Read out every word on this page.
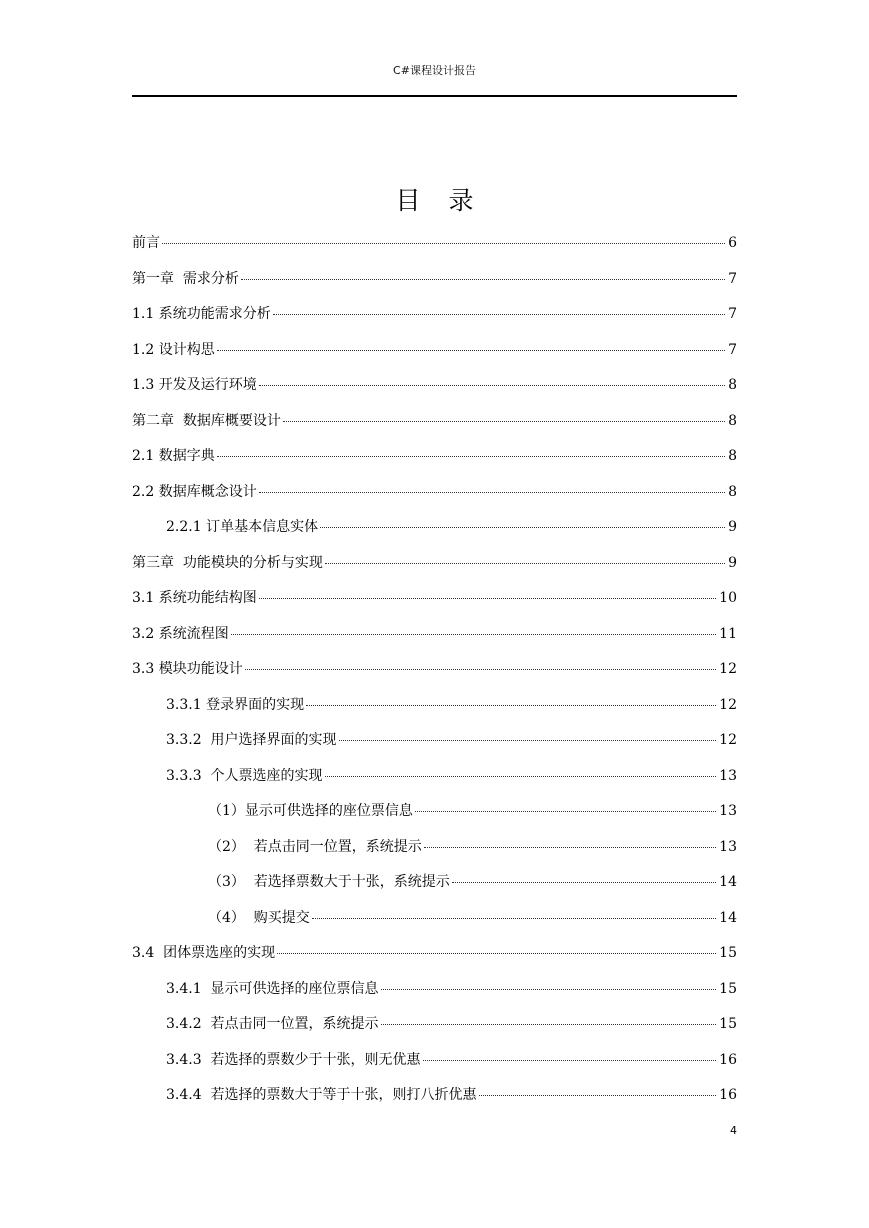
C#课程设计报告
目录
前言	6
第一章  需求分析	7
1.1 系统功能需求分析	7
1.2 设计构思	7
1.3 开发及运行环境	8
第二章  数据库概要设计	8
2.1 数据字典	8
2.2 数据库概念设计	8
2.2.1 订单基本信息实体	9
第三章  功能模块的分析与实现	9
3.1 系统功能结构图	10
3.2 系统流程图	11
3.3 模块功能设计	12
3.3.1 登录界面的实现	12
3.3.2  用户选择界面的实现	12
3.3.3  个人票选座的实现	13
（1）显示可供选择的座位票信息	13
（2）  若点击同一位置，系统提示	13
（3）  若选择票数大于十张，系统提示	14
（4）  购买提交	14
3.4  团体票选座的实现	15
3.4.1  显示可供选择的座位票信息	15
3.4.2  若点击同一位置，系统提示	15
3.4.3  若选择的票数少于十张，则无优惠	16
3.4.4  若选择的票数大于等于十张，则打八折优惠	16
4
